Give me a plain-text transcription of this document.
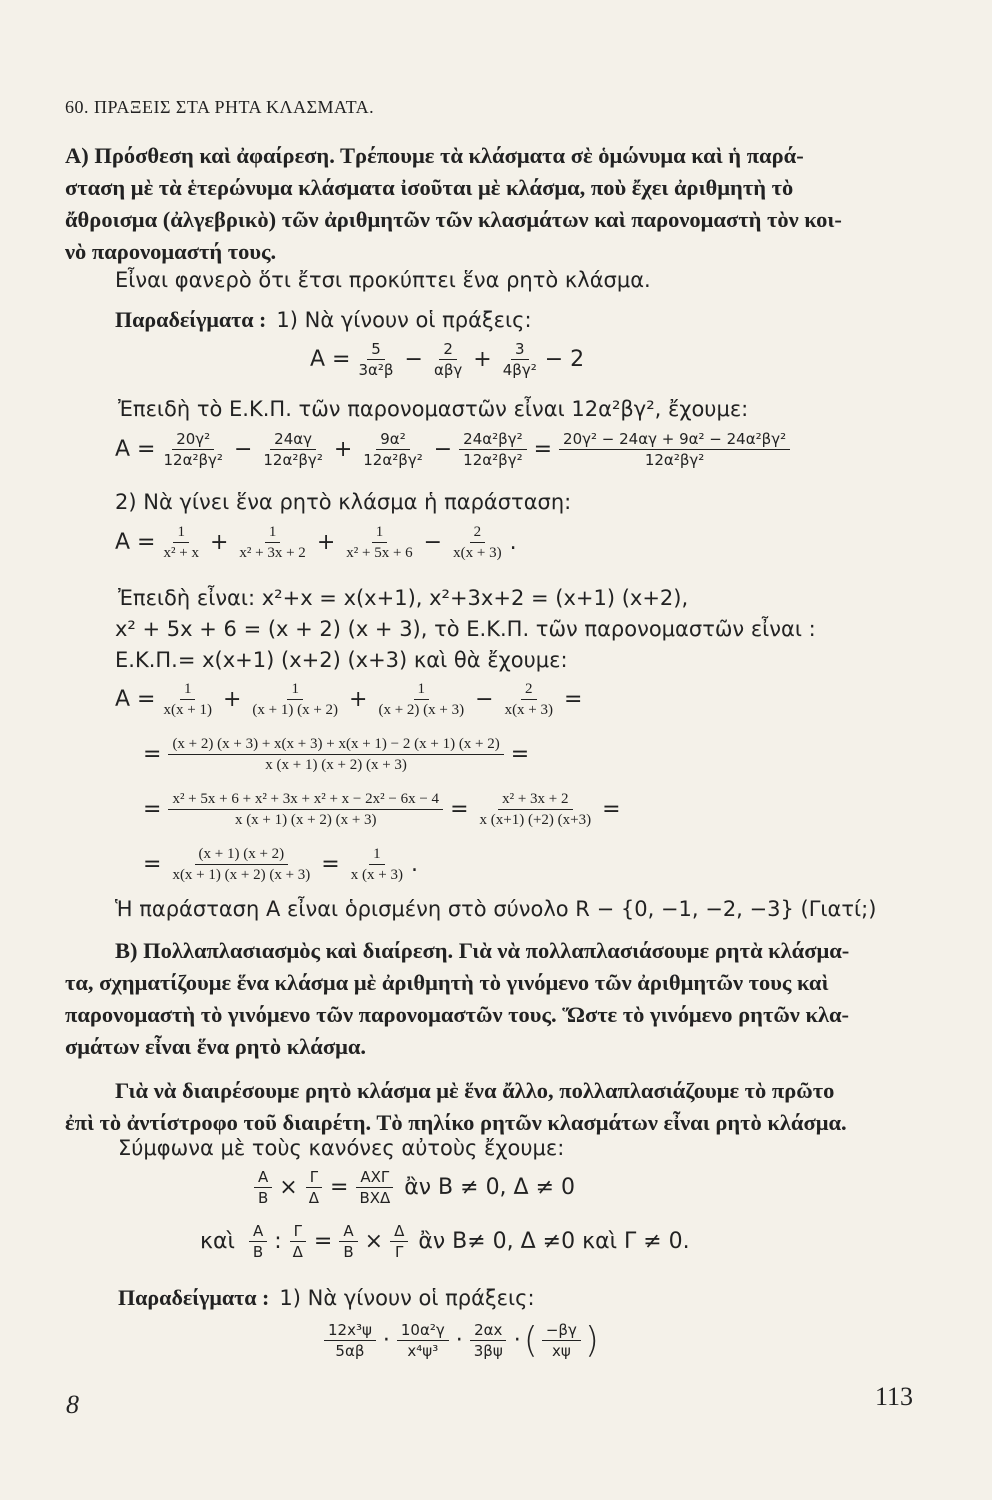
60. ΠΡΑΞΕΙΣ ΣΤΑ ΡΗΤΑ ΚΛΑΣΜΑΤΑ.
Α) Πρόσθεση καὶ ἀφαίρεση. Τρέπουμε τὰ κλάσματα σὲ ὁμώνυμα καὶ ἡ παρά-
σταση μὲ τὰ ἑτερώνυμα κλάσματα ἰσοῦται μὲ κλάσμα, ποὺ ἔχει ἀριθμητὴ τὸ
ἄθροισμα (ἀλγεβρικὸ) τῶν ἀριθμητῶν τῶν κλασμάτων καὶ παρονομαστὴ τὸν κοι-
νὸ παρονομαστή τους.
Εἶναι φανερὸ ὅτι ἔτσι προκύπτει ἕνα ρητὸ κλάσμα.
Παραδείγματα : 1) Νὰ γίνουν οἱ πράξεις:
$A = \frac{5}{\text{3α²β}} - \frac{2}{\text{αβγ}} + \frac{3}{\text{4βγ²}} - 2$
Ἐπειδὴ τὸ Ε.Κ.Π. τῶν παρονομαστῶν εἶναι 12α²βγ², ἔχουμε:
$A = \frac{\text{20γ²}}{\text{12α²βγ²}} - \frac{24\alpha\gamma}{\text{12α²βγ²}} + \frac{\text{9α²}}{\text{12α²βγ²}} - \frac{\text{24α²βγ²}}{\text{12α²βγ²}} = \frac{\text{20γ² − 24αγ + 9α² − 24α²βγ²}}{\text{12α²βγ²}}$
2) Νὰ γίνει ἕνα ρητὸ κλάσμα ἡ παράσταση:
$A = \frac{1}{\text{x² + x}} + \frac{1}{\text{x² + 3x + 2}} + \frac{1}{\text{x² + 5x + 6}} - \frac{2}{x(x + 3)}$ .
Ἐπειδὴ εἶναι: x²+x = x(x+1), x²+3x+2 = (x+1) (x+2),
x² + 5x + 6 = (x + 2) (x + 3), τὸ Ε.Κ.Π. τῶν παρονομαστῶν εἶναι :
Ε.Κ.Π.= x(x+1) (x+2) (x+3) καὶ θὰ ἔχουμε:
$A = \frac{1}{x(x + 1)} + \frac{1}{(x + 1) (x + 2)} + \frac{1}{(x + 2) (x + 3)} - \frac{2}{x(x + 3)}$ =
= $\frac{(x + 2) (x + 3) + x(x + 3) + x(x + 1) - 2 (x + 1) (x + 2)}{x (x + 1) (x + 2) (x + 3)}$ =
= $\frac{\text{x² + 5x + 6 + x² + 3x + x² + x − 2x² − 6x − 4}}{x (x + 1) (x + 2) (x + 3)} = \frac{\text{x² + 3x + 2}}{x (x+1) (+2) (x+3)}$ =
= $\frac{(x + 1) (x + 2)}{x(x + 1) (x + 2) (x + 3)} = \frac{1}{x (x + 3)}$ .
Ἡ παράσταση Α εἶναι ὁρισμένη στὸ σύνολο R − {0, −1, −2, −3} (Γιατί;)
Β) Πολλαπλασιασμὸς καὶ διαίρεση. Γιὰ νὰ πολλαπλασιάσουμε ρητὰ κλάσμα-
τα, σχηματίζουμε ἕνα κλάσμα μὲ ἀριθμητὴ τὸ γινόμενο τῶν ἀριθμητῶν τους καὶ
παρονομαστὴ τὸ γινόμενο τῶν παρονομαστῶν τους. Ὥστε τὸ γινόμενο ρητῶν κλα-
σμάτων εἶναι ἕνα ρητὸ κλάσμα.
Γιὰ νὰ διαιρέσουμε ρητὸ κλάσμα μὲ ἕνα ἄλλο, πολλαπλασιάζουμε τὸ πρῶτο
ἐπὶ τὸ ἀντίστροφο τοῦ διαιρέτη. Τὸ πηλίκο ρητῶν κλασμάτων εἶναι ρητὸ κλάσμα.
Σύμφωνα μὲ τοὺς κανόνες αὐτοὺς ἔχουμε:
$\frac{A}{B} \times \frac{\Gamma}{\Delta} = \frac{\text{ΑΧΓ}}{\text{ΒΧΔ}}$ ἂν Β ≠ 0, Δ ≠ 0
καὶ $\frac{A}{B}$ : $\frac{\Gamma}{\Delta} = \frac{A}{B} \times \frac{\Delta}{\Gamma}$ ἂν Β≠ 0, Δ ≠0 καὶ Γ ≠ 0.
Παραδείγματα : 1) Νὰ γίνουν οἱ πράξεις:
$\frac{\text{12x³ψ}}{5\alpha\beta} \cdot \frac{\text{10α²γ}}{\text{x⁴ψ³}} \cdot \frac{2\alpha x}{3\beta\psi}$ · ( $\frac{-\beta\gamma}{x\psi}$ )
8	113
